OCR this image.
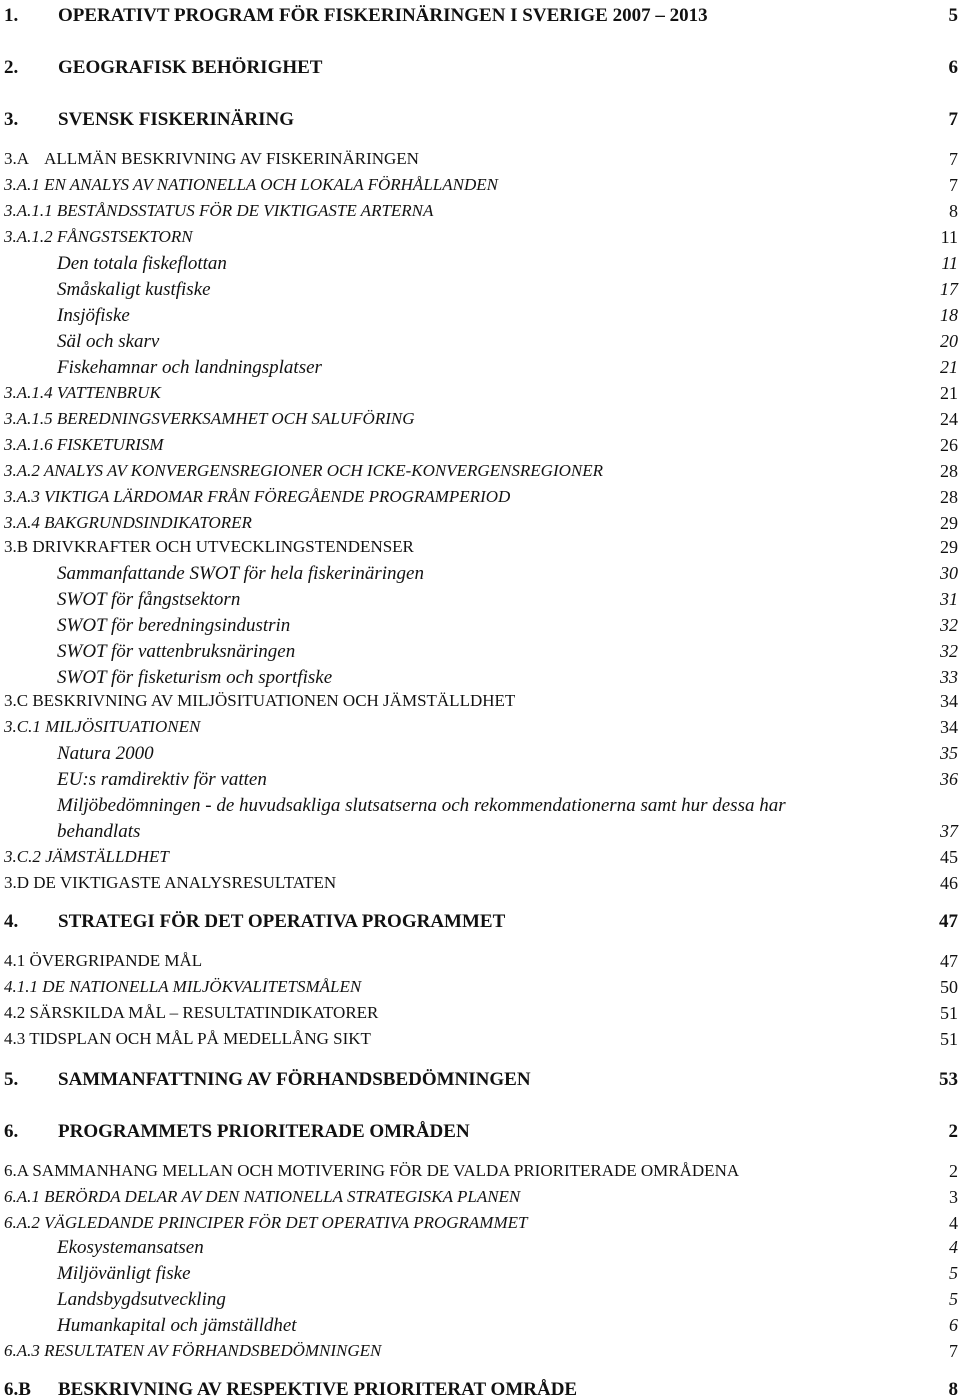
1. OPERATIVT PROGRAM FÖR FISKERINÄRINGEN I SVERIGE 2007 – 2013	5
2. GEOGRAFISK BEHÖRIGHET	6
3. SVENSK FISKERINÄRING	7
3.A    ALLMÄN BESKRIVNING AV FISKERINÄRINGEN	7
3.A.1 EN ANALYS AV NATIONELLA OCH LOKALA FÖRHÅLLANDEN	7
3.A.1.1 BESTÅNDSSTATUS FÖR DE VIKTIGASTE ARTERNA	8
3.A.1.2 FÅNGSTSEKTORN	11
Den totala fiskeflottan	11
Småskaligt kustfiske	17
Insjöfiske	18
Säl och skarv	20
Fiskehamnar och landningsplatser	21
3.A.1.4 VATTENBRUK	21
3.A.1.5 BEREDNINGSVERKSAMHET OCH SALUFÖRING	24
3.A.1.6 FISKETURISM	26
3.A.2 ANALYS AV KONVERGENSREGIONER OCH ICKE-KONVERGENSREGIONER	28
3.A.3 VIKTIGA LÄRDOMAR FRÅN FÖREGÅENDE PROGRAMPERIOD	28
3.A.4 BAKGRUNDSINDIKATORER	29
3.B DRIVKRAFTER OCH UTVECKLINGSTENDENSER	29
Sammanfattande SWOT för hela fiskerinäringen	30
SWOT för fångstsektorn	31
SWOT för beredningsindustrin	32
SWOT för vattenbruksnäringen	32
SWOT för fisketurism och sportfiske	33
3.C BESKRIVNING AV MILJÖSITUATIONEN OCH JÄMSTÄLLDHET	34
3.C.1 MILJÖSITUATIONEN	34
Natura 2000	35
EU:s ramdirektiv för vatten	36
Miljöbedömningen - de huvudsakliga slutsatserna och rekommendationerna samt hur dessa har
behandlats	37
3.C.2 JÄMSTÄLLDHET	45
3.D DE VIKTIGASTE ANALYSRESULTATEN	46
4. STRATEGI FÖR DET OPERATIVA PROGRAMMET	47
4.1 ÖVERGRIPANDE MÅL	47
4.1.1 DE NATIONELLA MILJÖKVALITETSMÅLEN	50
4.2 SÄRSKILDA MÅL – RESULTATINDIKATORER	51
4.3 TIDSPLAN OCH MÅL PÅ MEDELLÅNG SIKT	51
5. SAMMANFATTNING AV FÖRHANDSBEDÖMNINGEN	53
6. PROGRAMMETS PRIORITERADE OMRÅDEN	2
6.A SAMMANHANG MELLAN OCH MOTIVERING FÖR DE VALDA PRIORITERADE OMRÅDENA	2
6.A.1 BERÖRDA DELAR AV DEN NATIONELLA STRATEGISKA PLANEN	3
6.A.2 VÄGLEDANDE PRINCIPER FÖR DET OPERATIVA PROGRAMMET	4
Ekosystemansatsen	4
Miljövänligt fiske	5
Landsbygdsutveckling	5
Humankapital och jämställdhet	6
6.A.3 RESULTATEN AV FÖRHANDSBEDÖMNINGEN	7
6.B BESKRIVNING AV RESPEKTIVE PRIORITERAT OMRÅDE	8
